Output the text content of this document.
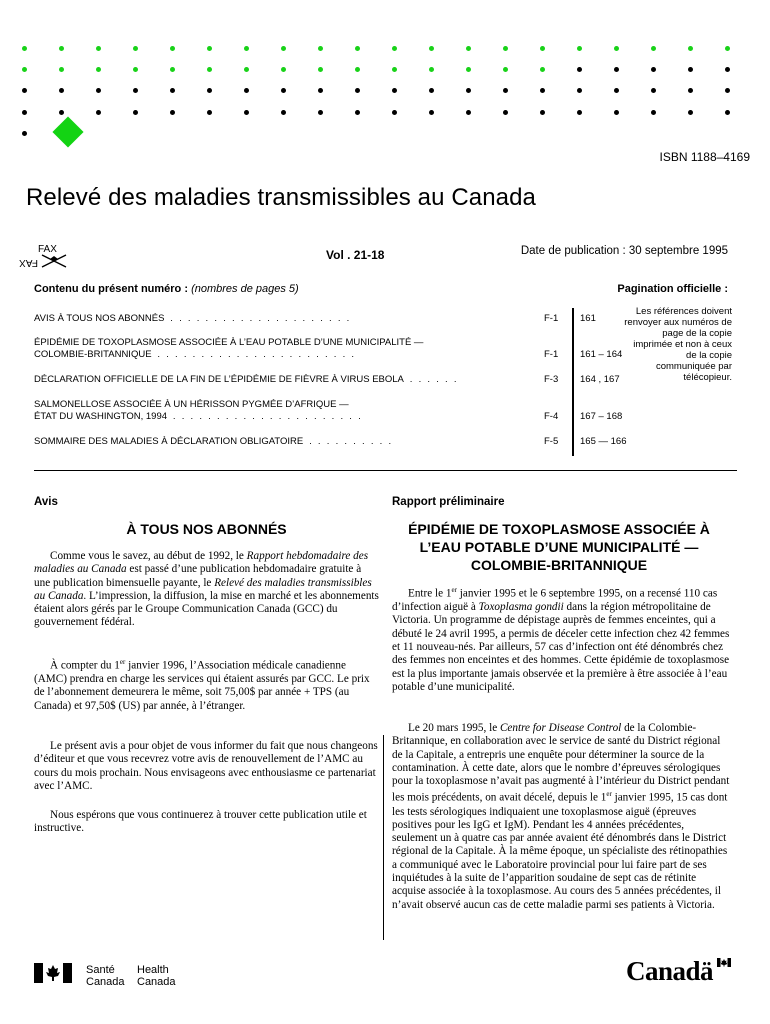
ISBN 1188–4169
Relevé des maladies transmissibles au Canada
FAX
FAX
Vol . 21-18	Date de publication : 30 septembre 1995
Contenu du présent numéro : (nombres de pages 5)	Pagination officielle :
AVIS À TOUS NOS ABONNÉS  .  .  .  .  .  .  .  .  .  .  .  .  .  .  .  .  .  .  .  .  .	F-1 161
ÉPIDÉMIE DE TOXOPLASMOSE ASSOCIÉE À L’EAU POTABLE D’UNE MUNICIPALITÉ —
COLOMBIE-BRITANNIQUE  .  .  .  .  .  .  .  .  .  .  .  .  .  .  .  .  .  .  .  .  .  .  .	F-1 161 – 164
DÉCLARATION OFFICIELLE DE LA FIN DE L’ÉPIDÉMIE DE FIÈVRE À VIRUS EBOLA  .  .  .  .  .  .	F-3 164 , 167
SALMONELLOSE ASSOCIÉE À UN HÉRISSON PYGMÉE D’AFRIQUE —
ÉTAT DU WASHINGTON, 1994  .  .  .  .  .  .  .  .  .  .  .  .  .  .  .  .  .  .  .  .  .  .	F-4 167 – 168
SOMMAIRE DES MALADIES À DÉCLARATION OBLIGATOIRE  .  .  .  .  .  .  .  .  .  .	F-5 165 — 166
Les références doivent renvoyer aux numéros de page de la copie imprimée et non à ceux de la copie communiquée par télécopieur.
Avis
À TOUS NOS ABONNÉS
Comme vous le savez, au début de 1992, le Rapport hebdomadaire des maladies au Canada est passé d’une publication hebdomadaire gratuite à une publication bimensuelle payante, le Relevé des maladies transmissibles au Canada. L’impression, la diffusion, la mise en marché et les abonnements étaient alors gérés par le Groupe Communication Canada (GCC) du gouvernement fédéral.
À compter du 1er janvier 1996, l’Association médicale canadienne (AMC) prendra en charge les services qui étaient assurés par GCC. Le prix de l’abonnement demeurera le même, soit 75,00$ par année + TPS (au Canada) et 97,50$ (US) par année, à l’étranger.
Le présent avis a pour objet de vous informer du fait que nous changeons d’éditeur et que vous recevrez votre avis de renouvellement de l’AMC au cours du mois prochain. Nous envisageons avec enthousiasme ce partenariat avec l’AMC.
Nous espérons que vous continuerez à trouver cette publication utile et instructive.
Rapport préliminaire
ÉPIDÉMIE DE TOXOPLASMOSE ASSOCIÉE À L’EAU POTABLE D’UNE MUNICIPALITÉ — COLOMBIE-BRITANNIQUE
Entre le 1er janvier 1995 et le 6 septembre 1995, on a recensé 110 cas d’infection aiguë à Toxoplasma gondii dans la région métropolitaine de Victoria. Un programme de dépistage auprès de femmes enceintes, qui a débuté le 24 avril 1995, a permis de déceler cette infection chez 42 femmes et 11 nouveau-nés. Par ailleurs, 57 cas d’infection ont été dénombrés chez des femmes non enceintes et des hommes. Cette épidémie de toxoplasmose est la plus importante jamais observée et la première à être associée à l’eau potable d’une municipalité.
Le 20 mars 1995, le Centre for Disease Control de la Colombie-Britannique, en collaboration avec le service de santé du District régional de la Capitale, a entrepris une enquête pour déterminer la source de la contamination. À cette date, alors que le nombre d’épreuves sérologiques pour la toxoplasmose n’avait pas augmenté à l’intérieur du District pendant les mois précédents, on avait décelé, depuis le 1er janvier 1995, 15 cas dont les tests sérologiques indiquaient une toxoplasmose aiguë (épreuves positives pour les IgG et IgM). Pendant les 4 années précédentes, seulement un à quatre cas par année avaient été dénombrés dans le District régional de la Capitale. À la même époque, un spécialiste des rétinopathies a communiqué avec le Laboratoire provincial pour lui faire part de ses inquiétudes à la suite de l’apparition soudaine de sept cas de rétinite acquise associée à la toxoplasmose. Au cours des 5 années précédentes, il n’avait observé aucun cas de cette maladie parmi ses patients à Victoria.
Santé
Canada
Health
Canada	Canadä
